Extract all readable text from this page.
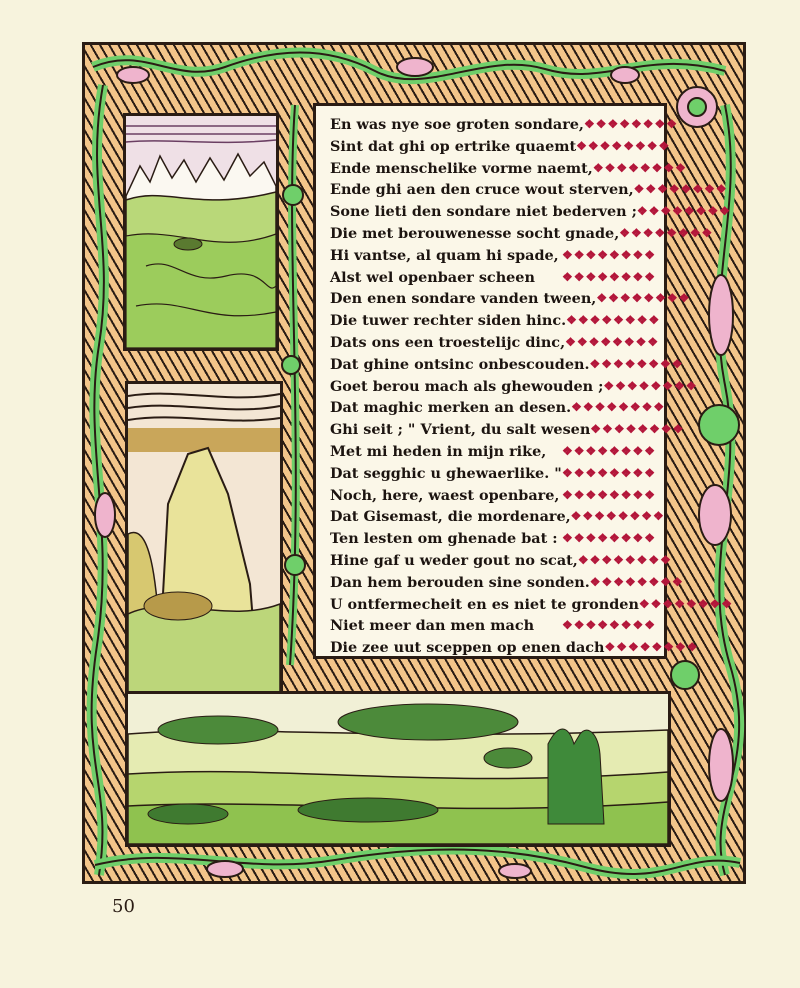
En was nye soe groten sondare, ❖❖❖❖❖❖❖❖
Sint dat ghi op ertrike quaemt ❖❖❖❖❖❖❖❖
Ende menschelike vorme naemt, ❖❖❖❖❖❖❖❖
Ende ghi aen den cruce wout sterven, ❖❖❖❖❖❖❖❖
Sone lieti den sondare niet bederven ; ❖❖❖❖❖❖❖❖
Die met berouwenesse socht gnade, ❖❖❖❖❖❖❖❖
Hi vantse, al quam hi spade, ❖❖❖❖❖❖❖❖
Alst wel openbaer scheen	❖❖❖❖❖❖❖❖
Den enen sondare vanden tween, ❖❖❖❖❖❖❖❖
Die tuwer rechter siden hinc. ❖❖❖❖❖❖❖❖
Dats ons een troestelijc dinc, ❖❖❖❖❖❖❖❖
Dat ghine ontsinc onbescouden. ❖❖❖❖❖❖❖❖
Goet berou mach als ghewouden ; ❖❖❖❖❖❖❖❖
Dat maghic merken an desen. ❖❖❖❖❖❖❖❖
Ghi seit ; " Vrient, du salt wesen ❖❖❖❖❖❖❖❖
Met mi heden in mijn rike,	❖❖❖❖❖❖❖❖
Dat segghic u ghewaerlike. " ❖❖❖❖❖❖❖❖
Noch, here, waest openbare, ❖❖❖❖❖❖❖❖
Dat Gisemast, die mordenare, ❖❖❖❖❖❖❖❖
Ten lesten om ghenade bat : ❖❖❖❖❖❖❖❖
Hine gaf u weder gout no scat, ❖❖❖❖❖❖❖❖
Dan hem berouden sine sonden. ❖❖❖❖❖❖❖❖
U ontfermecheit en es niet te gronden ❖❖❖❖❖❖❖❖
Niet meer dan men mach	❖❖❖❖❖❖❖❖
Die zee uut sceppen op enen dach ❖❖❖❖❖❖❖❖
50
